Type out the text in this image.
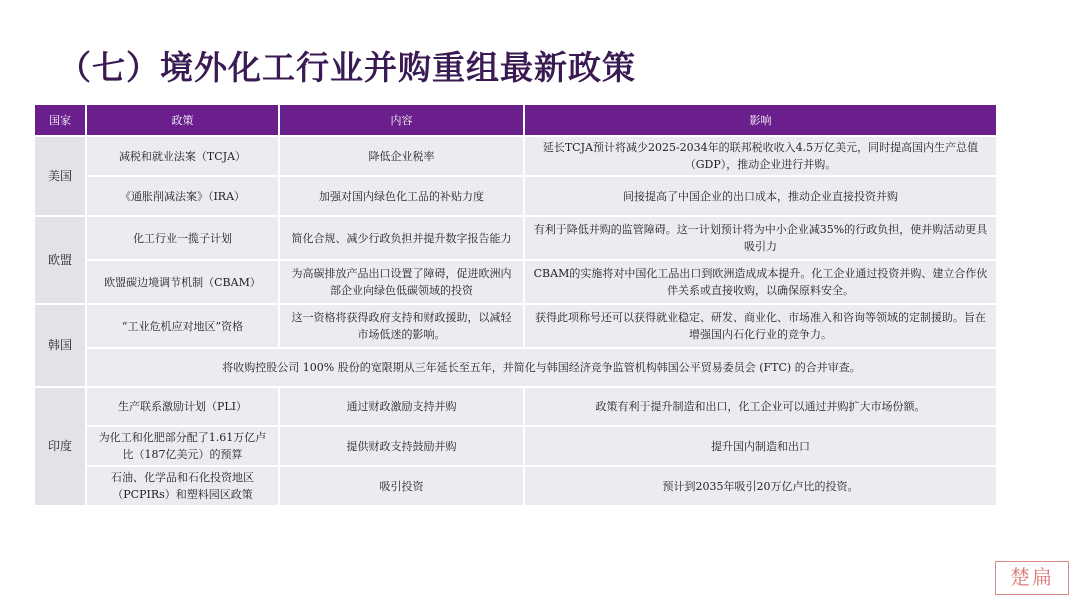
（七）境外化工行业并购重组最新政策
国家	政策	内容	影响
美国	减税和就业法案（TCJA）	降低企业税率	延长TCJA预计将减少2025-2034年的联邦税收收入4.5万亿美元，同时提高国内生产总值（GDP），推动企业进行并购。
	《通胀削减法案》（IRA）	加强对国内绿色化工品的补贴力度	间接提高了中国企业的出口成本，推动企业直接投资并购
欧盟	化工行业一揽子计划	简化合规、减少行政负担并提升数字报告能力	有利于降低并购的监管障碍。这一计划预计将为中小企业减35%的行政负担，使并购活动更具吸引力
	欧盟碳边境调节机制（CBAM）	为高碳排放产品出口设置了障碍，促进欧洲内部企业向绿色低碳领域的投资	CBAM的实施将对中国化工品出口到欧洲造成成本提升。化工企业通过投资并购、建立合作伙伴关系或直接收购，以确保原料安全。
韩国	“工业危机应对地区”资格	这一资格将获得政府支持和财政援助，以减轻市场低迷的影响。	获得此项称号还可以获得就业稳定、研发、商业化、市场准入和咨询等领域的定制援助。旨在增强国内石化行业的竞争力。
	将收购控股公司 100% 股份的宽限期从三年延长至五年，并简化与韩国经济竞争监管机构韩国公平贸易委员会 (FTC) 的合并审查。		
印度	生产联系激励计划（PLI）	通过财政激励支持并购	政策有利于提升制造和出口，化工企业可以通过并购扩大市场份额。
	为化工和化肥部分配了1.61万亿卢比（187亿美元）的预算	提供财政支持鼓励并购	提升国内制造和出口
	石油、化学品和石化投资地区（PCPIRs）和塑料园区政策	吸引投资	预计到2035年吸引20万亿卢比的投资。
楚扁
